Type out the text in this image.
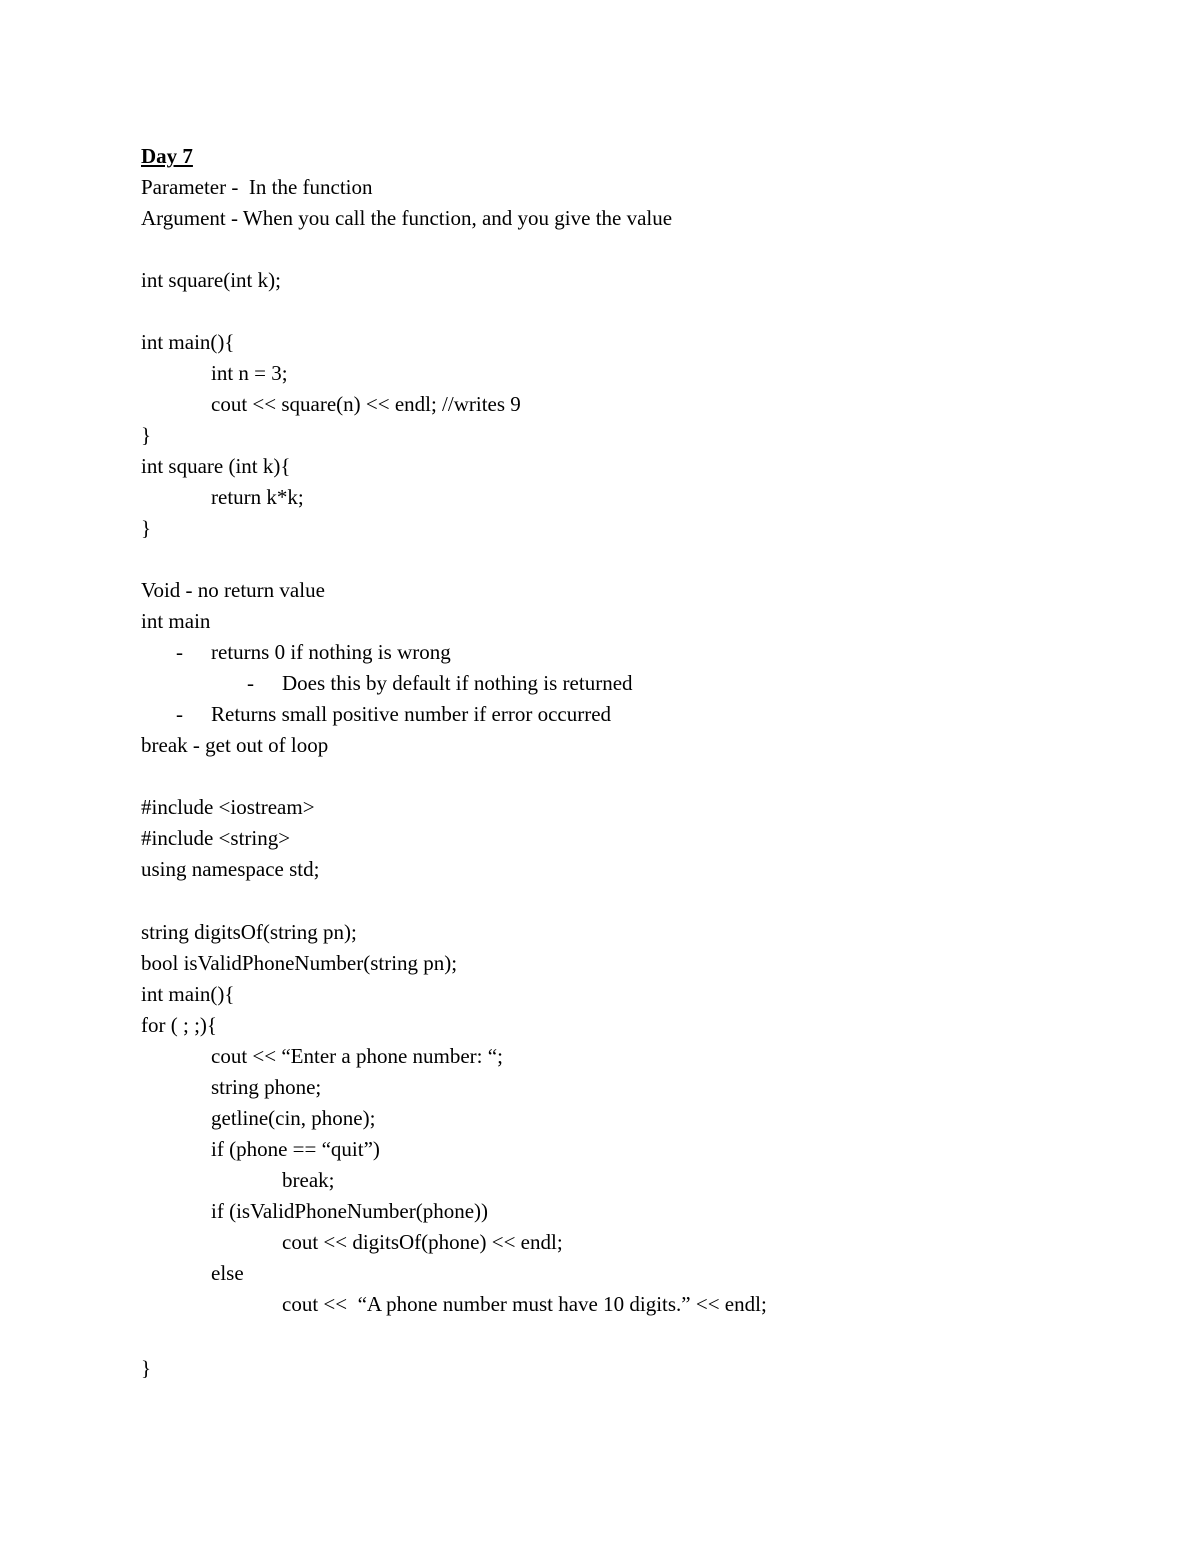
Day 7
Parameter -  In the function
Argument - When you call the function, and you give the value
int square(int k);
int main(){
int n = 3;
cout << square(n) << endl; //writes 9
}
int square (int k){
return k*k;
}
Void - no return value
int main
- returns 0 if nothing is wrong
- Does this by default if nothing is returned
- Returns small positive number if error occurred
break - get out of loop
#include <iostream>
#include <string>
using namespace std;
string digitsOf(string pn);
bool isValidPhoneNumber(string pn);
int main(){
for ( ; ;){
cout << “Enter a phone number: “;
string phone;
getline(cin, phone);
if (phone == “quit”)
break;
if (isValidPhoneNumber(phone))
cout << digitsOf(phone) << endl;
else
cout <<  “A phone number must have 10 digits.” << endl;
}
